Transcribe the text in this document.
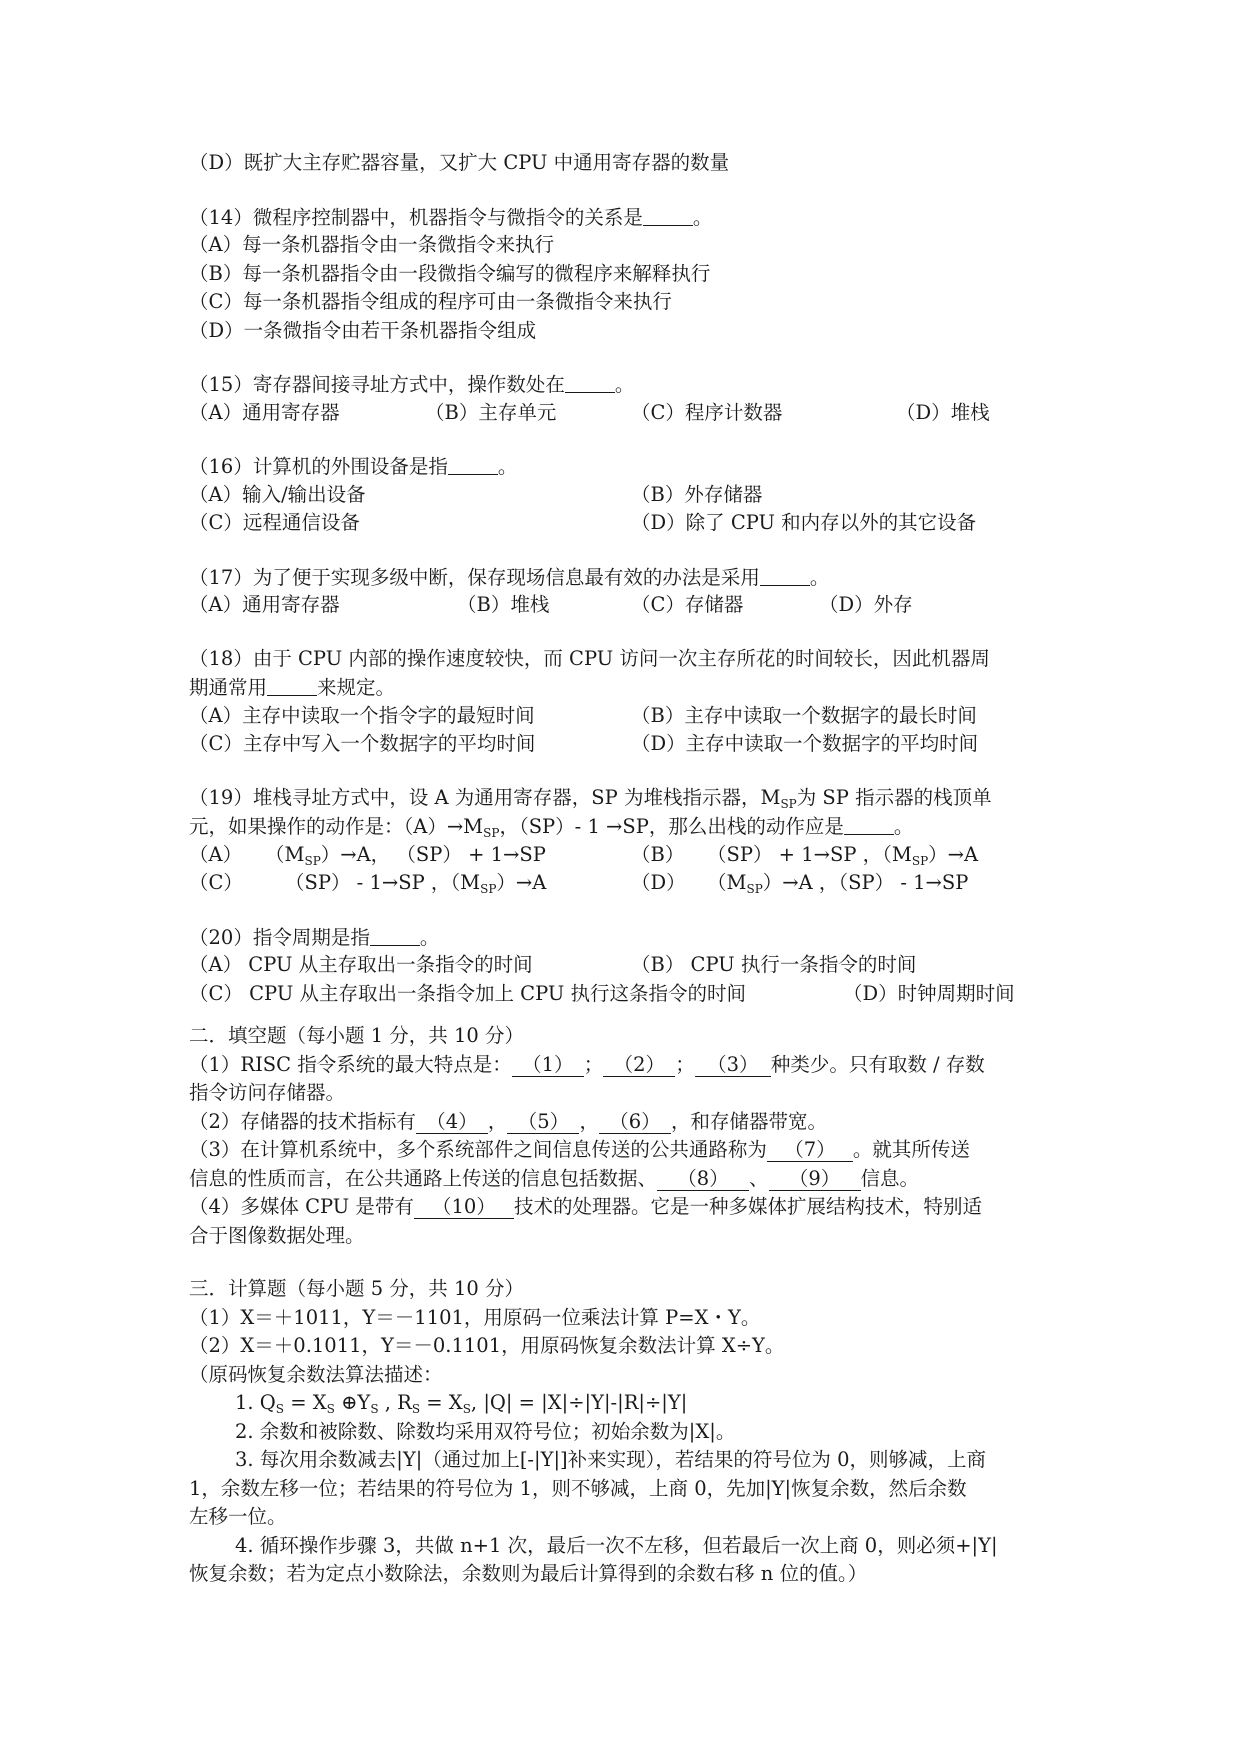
（D）既扩大主存贮器容量，又扩大 CPU 中通用寄存器的数量
（14）微程序控制器中，机器指令与微指令的关系是	。
（A）每一条机器指令由一条微指令来执行
（B）每一条机器指令由一段微指令编写的微程序来解释执行
（C）每一条机器指令组成的程序可由一条微指令来执行
（D）一条微指令由若干条机器指令组成
（15）寄存器间接寻址方式中，操作数处在	。
（A）通用寄存器	（B）主存单元	（C）程序计数器	（D）堆栈
（16）计算机的外围设备是指	。
（A）输入/输出设备	（B）外存储器
（C）远程通信设备	（D）除了 CPU 和内存以外的其它设备
（17）为了便于实现多级中断，保存现场信息最有效的办法是采用	。
（A）通用寄存器	（B）堆栈	（C）存储器	（D）外存
（18）由于 CPU 内部的操作速度较快，而 CPU 访问一次主存所花的时间较长，因此机器周
期通常用	来规定。
（A）主存中读取一个指令字的最短时间	（B）主存中读取一个数据字的最长时间
（C）主存中写入一个数据字的平均时间	（D）主存中读取一个数据字的平均时间
（19）堆栈寻址方式中，设 A 为通用寄存器，SP 为堆栈指示器，$M_{SP}$为 SP 指示器的栈顶单
元，如果操作的动作是：$(A)\to M_{SP}$，（SP）- 1 →SP，那么出栈的动作应是	。
（A）	$(M_{SP})\to A$， （SP） + 1→SP	（B）	（SP） + 1→SP ，$(M_{SP})\to A$
（C）	（SP） - 1→SP ，$(M_{SP})\to A$	（D）	$(M_{SP})\to A$ ，（SP） - 1→SP
（20）指令周期是指	。
（A） CPU 从主存取出一条指令的时间	（B） CPU 执行一条指令的时间
（C） CPU 从主存取出一条指令加上 CPU 执行这条指令的时间	（D）时钟周期时间
二．填空题（每小题 1 分，共 10 分）
（1）RISC 指令系统的最大特点是： （1） ； （2） ； （3） 种类少。只有取数 / 存数
指令访问存储器。
（2）存储器的技术指标有 （4） ， （5） ， （6） ，和存储器带宽。
（3）在计算机系统中，多个系统部件之间信息传送的公共通路称为 （7） 。就其所传送
信息的性质而言，在公共通路上传送的信息包括数据、 （8） 、 （9） 信息。
（4）多媒体 CPU 是带有 （10） 技术的处理器。它是一种多媒体扩展结构技术，特别适
合于图像数据处理。
三．计算题（每小题 5 分，共 10 分）
（1）X＝＋1011，Y＝－1101，用原码一位乘法计算 P=X・Y。
（2）X＝＋0.1011，Y＝－0.1101，用原码恢复余数法计算 X÷Y。
（原码恢复余数法算法描述：
1. $Q_S = X_S$ $\oplus Y_S$ , $R_S = X_S$, |Q| = |X|÷|Y|-|R|÷|Y|
2. 余数和被除数、除数均采用双符号位；初始余数为|X|。
3. 每次用余数减去|Y|（通过加上[-|Y|]补来实现），若结果的符号位为 0，则够减，上商
1，余数左移一位；若结果的符号位为 1，则不够减，上商 0，先加|Y|恢复余数，然后余数
左移一位。
4. 循环操作步骤 3，共做 n+1 次，最后一次不左移，但若最后一次上商 0，则必须+|Y|
恢复余数；若为定点小数除法，余数则为最后计算得到的余数右移 n 位的值。）
